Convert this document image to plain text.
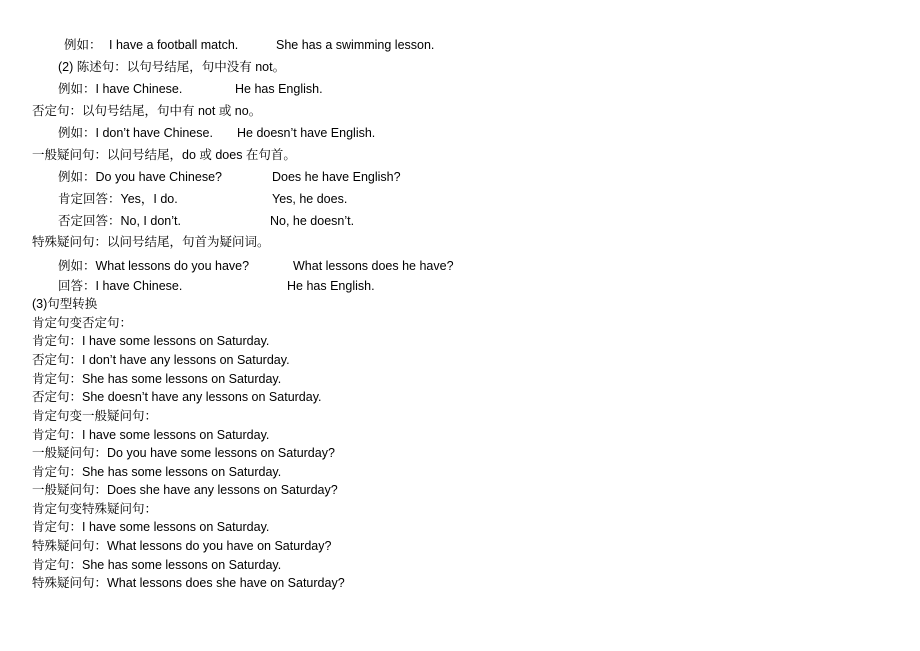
例如： I have a football match.	She has a swimming lesson.
(2) 陈述句：以句号结尾，句中没有 not。
例如：I have Chinese.	He has English.
否定句：以句号结尾，句中有 not 或 no。
例如：I don’t have Chinese. He doesn’t have English.
一般疑问句：以问号结尾，do 或 does 在句首。
例如：Do you have Chinese?	Does he have English?
肯定回答：Yes，I do.	Yes, he does.
否定回答：No, I don’t.	No, he doesn’t.
特殊疑问句：以问号结尾，句首为疑问词。
例如：What lessons do you have?	What lessons does he have?
回答：I have Chinese.	He has English.
(3)句型转换
肯定句变否定句：
肯定句：I have some lessons on Saturday.
否定句：I don’t have any lessons on Saturday.
肯定句：She has some lessons on Saturday.
否定句：She doesn’t have any lessons on Saturday.
肯定句变一般疑问句：
肯定句：I have some lessons on Saturday.
一般疑问句：Do you have some lessons on Saturday?
肯定句：She has some lessons on Saturday.
一般疑问句：Does she have any lessons on Saturday?
肯定句变特殊疑问句：
肯定句：I have some lessons on Saturday.
特殊疑问句：What lessons do you have on Saturday?
肯定句：She has some lessons on Saturday.
特殊疑问句：What lessons does she have on Saturday?
